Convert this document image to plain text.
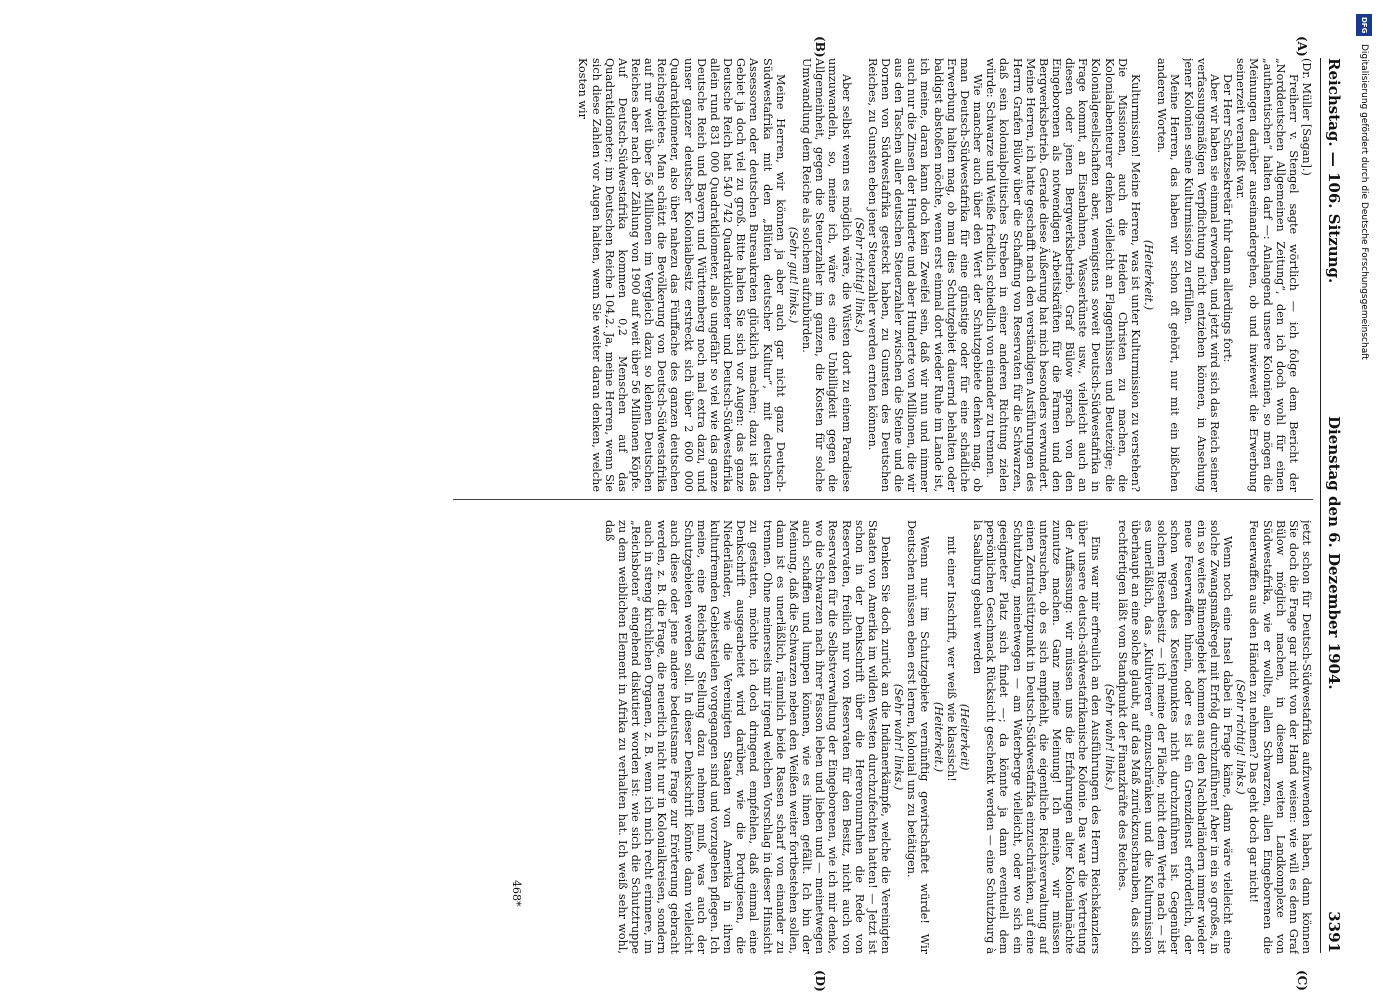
Reichstag. — 106. Sitzung.
Dienstag den 6. Dezember 1904.
3391
(A)
(B)
(C)
(D)

(Dr. Müller [Sagan].)

Freiherr v. Stengel sagte wörtlich — ich folge dem Bericht der „Norddeutschen Allgemeinen Zeitung“, den ich doch wohl für einen „authentischen“ halten darf —: Anlangend unsere Kolonien, so mögen die Meinungen darüber auseinandergehen, ob und inwieweit die Erwerbung seinerzeit veranlaßt war.

Der Herr Schatzsekretär fuhr dann allerdings fort:

Aber wir haben sie einmal erworben, und jetzt wird sich das Reich seiner verfassungsmäßigen Verpflichtung nicht entziehen können, in Ansehung jener Kolonien seine Kulturmission zu erfüllen.

Meine Herren, das haben wir schon oft gehört, nur mit ein bißchen anderen Worten.

(Heiterkeit.)

Kulturmission! Meine Herren, was ist unter Kulturmission zu verstehen? Die Missionen, auch die Heiden Christen zu machen, die Kolonialabenteurer denken vielleicht an Flaggenhissen und Beutezüge; die Kolonialgesellschaften aber, wenigstens soweit Deutsch-Südwestafrika in Frage kommt, an Eisenbahnen, Wasserkünste usw., vielleicht auch an diesen oder jenen Bergwerksbetrieb. Graf Bülow sprach von den Eingeborenen als notwendigen Arbeitskräften für die Farmen und den Bergwerksbetrieb. Gerade diese Äußerung hat mich besonders verwundert. Meine Herren, ich hatte geschafft nach den verständigen Ausführungen des Herrn Grafen Bülow über die Schaffung von Reservaten für die Schwarzen, daß sein kolonialpolitisches Streben in einer anderen Richtung zielen würde: Schwarze und Weiße friedlich schiedlich von einander zu trennen.

Wie mancher auch über den Wert der Schutzgebiete denken mag, ob man Deutsch-Südwestafrika für eine günstige oder für eine schädliche Erwerbung halten mag, ob man dies Schutzgebiet dauernd behalten oder baldigst abstoßen möchte, wenn erst einmal dort wieder Ruhe im Lande ist, ich meine, daran kann doch kein Zweifel sein, daß wir nun und nimmer auch nur die Zinsen der Hunderte und aber Hunderte von Millionen, die wir aus den Taschen aller deutschen Steuerzahler zwischen die Steine und die Dornen von Südwestafrika gesteckt haben, zu Gunsten des Deutschen Reiches, zu Gunsten eben jener Steuerzahler werden ernten können.

(Sehr richtig! links.)

Aber selbst wenn es möglich wäre, die Wüsten dort zu einem Paradiese umzuwandeln, so, meine ich, wäre es eine Unbilligkeit gegen die Allgemeinheit, gegen die Steuerzahler im ganzen, die Kosten für solche Umwandlung dem Reiche als solchem aufzubürden.

(Sehr gut! links.)

Meine Herren, wir können ja aber auch gar nicht ganz Deutsch-Südwestafrika mit den „Blüten deutscher Kultur“, mit deutschen Assessoren oder deutschen Bureaukraten glücklich machen; dazu ist das Gebiet ja doch viel zu groß. Bitte halten Sie sich vor Augen: das ganze Deutsche Reich hat 540 742 Quadratkilometer und Deutsch-Südwestafrika allein rund 831 000 Quadratkilometer, also ungefähr so viel wie das ganze Deutsche Reich und Bayern und Württemberg noch mal extra dazu, und unser ganzer deutscher Kolonialbesitz erstreckt sich über 2 600 000 Quadratkilometer, also über nahezu das Fünffache des ganzen deutschen Reichsgebietes. Man schätzt die Bevölkerung von Deutsch-Südwestafrika auf nur weit über 56 Millionen im Vergleich dazu so kleinen Deutschen Reiches aber nach der Zählung von 1900 auf weit über 56 Millionen Köpfe. Auf Deutsch-Südwestafrika kommen 0,2 Menschen auf das Quadratkilometer; im Deutschen Reiche 104,2. Ja, meine Herren, wenn Sie sich diese Zahlen vor Augen halten, wenn Sie weiter daran denken, welche Kosten wir

jetzt schon für Deutsch-Südwestafrika aufzuwenden haben, dann können Sie doch die Frage gar nicht von der Hand weisen: wie will es denn Graf Bülow möglich machen, in diesem weiten Landkomplexe von Südwestafrika, wie er wollte, allen Schwarzen, allen Eingeborenen die Feuerwaffen aus den Händen zu nehmen? Das geht doch gar nicht!

(Sehr richtig! links.)

Wenn noch eine Insel dabei in Frage käme, dann wäre vielleicht eine solche Zwangsmaßregel mit Erfolg durchzuführen! Aber in ein so großes, in ein so weites Binnengebiet kommen aus den Nachbarländern immer wieder neue Feuerwaffen hinein, oder es ist ein Grenzdienst erforderlich, der schon wegen des Kostenpunktes nicht durchzuführen ist. Gegenüber solchem Riesenbesitz — ich meine der Fläche, nicht dem Werte nach — ist es unerläßlich, das „Kultivieren“ einzuschränken und die Kulturmission überhaupt an eine solche glaubt, auf das Maß zurückzuschrauben, das sich rechtfertigen läßt vom Standpunkt der Finanzkräfte des Reiches.

(Sehr wahr! links.)

Eins war mir erfreulich an den Ausführungen des Herrn Reichskanzlers über unsere deutsch-südwestafrikanische Kolonie. Das war die Vertretung der Auffassung: wir müssen uns die Erfahrungen alter Kolonialmächte zunutze machen. Ganz meine Meinung! Ich meine, wir müssen untersuchen, ob es sich empfiehlt, die eigentliche Reichsverwaltung auf einen Zentralstützpunkt in Deutsch-Südwestafrika einzuschränken, auf eine Schutzburg, meinetwegen — am Waterberge vielleicht, oder wo sich ein geeigneter Platz sich findet —; da könnte ja dann eventuell dem persönlichen Geschmack Rücksicht geschenkt werden — eine Schutzburg à la Saalburg gebaut werden

(Heiterkeit)

mit einer Inschrift, wer weiß wie klassisch!

(Heiterkeit.)

Wenn nur im Schutzgebiete vernünftig gewirtschaftet würde! Wir Deutschen müssen eben erst lernen, kolonial uns zu betätigen.

(Sehr wahr! links.)

Denken Sie doch zurück an die Indianerkämpfe, welche die Vereinigten Staaten von Amerika im wilden Westen durchzufechten hatten! — Jetzt ist schon in der Denkschrift über die Hereronunruhen die Rede von Reservaten, freilich nur von Reservaten für den Besitz, nicht auch von Reservaten für die Selbstverwaltung der Eingeborenen, wie ich mir denke, wo die Schwarzen nach ihrer Fasson leben und lieben und — meinetwegen auch schaffen und lumpen können, wie es ihnen gefällt. Ich bin der Meinung, daß die Schwarzen neben den Weißen weiter fortbestehen sollen, dann ist es unerläßlich, räumlich beide Rassen scharf von einander zu trennen. Ohne meinerseits mir irgend welchen Vorschlag in dieser Hinsicht zu gestatten, möchte ich doch dringend empfehlen, daß einmal eine Denkschrift ausgearbeitet wird darüber, wie die Portugiesen, die Niederländer, wie die Vereinigten Staaten von Amerika in ihren kulturfremden Gebietsteilen vorgegangen sind und vorzugehen pflegen. Ich meine, eine Reichstag Stellung dazu nehmen muß, was auch der Schutzgebieten werden soll. In dieser Denkschrift könnte dann vielleicht auch diese oder jene andere bedeutsame Frage zur Erörterung gebracht werden, z. B. die Frage, die neuerlich nicht nur in Kolonialkreisen, sondern auch in streng kirchlichen Organen, z. B. wenn ich mich recht erinnere, im „Reichsboten“ eingehend diskutiert worden ist: wie sich die Schutztruppe zu dem weiblichen Element in Afrika zu verhalten hat. Ich weiß sehr wohl, daß

468*
DFG
Digitalisierung gefördert durch die Deutsche Forschungsgemeinschaft
